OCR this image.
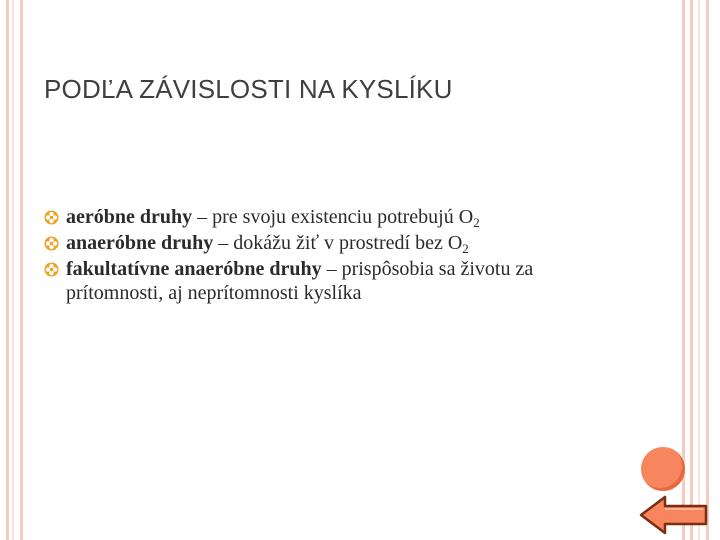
PODĽA ZÁVISLOSTI NA KYSLÍKU
aeróbne druhy – pre svoju existenciu potrebujú $O_2$
anaeróbne druhy – dokážu žiť v prostredí bez $O_2$
fakultatívne anaeróbne druhy – prispôsobia sa životu za prítomnosti, aj neprítomnosti kyslíka
